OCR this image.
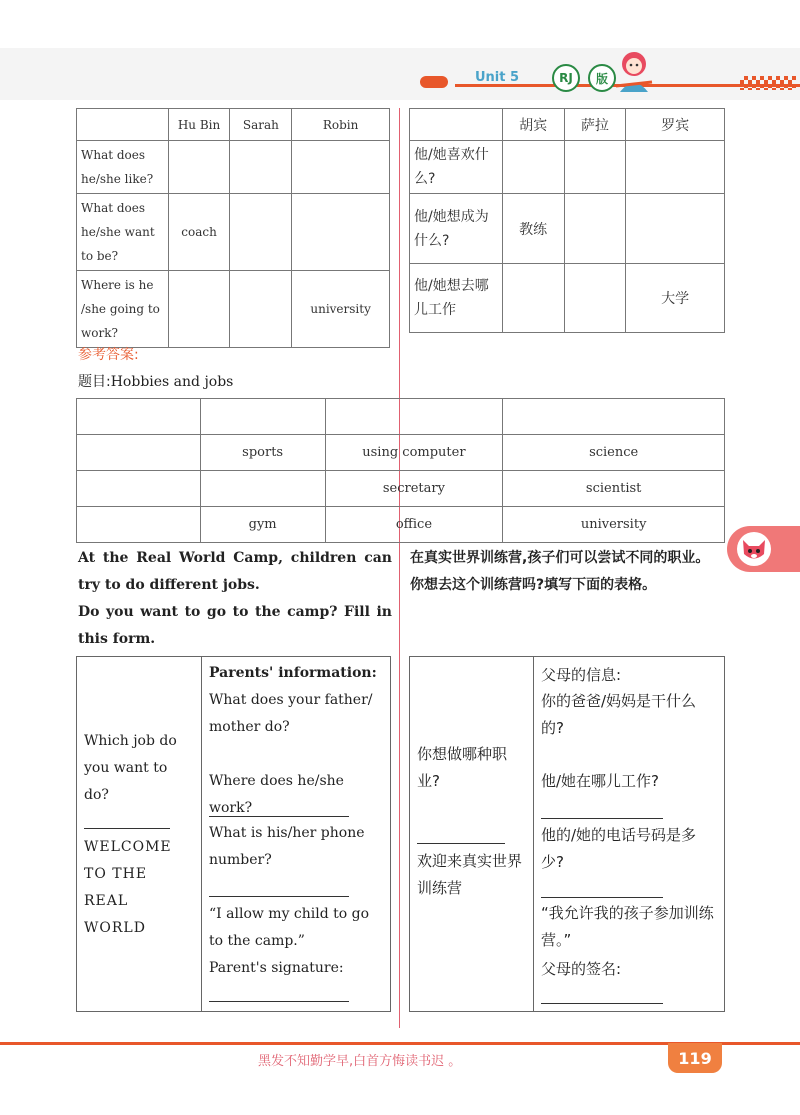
Unit 5	RJ	版
	Hu Bin	Sarah	Robin
What does he/she like?			
What does he/she want to be?	coach		
Where is he /she going to work?			university
	胡宾	萨拉	罗宾
他/她喜欢什么?			
他/她想成为什么?	教练		
他/她想去哪儿工作			大学
参考答案:
题目:Hobbies and jobs

	sports	using computer	science
		secretary	scientist
	gym	office	university
At the Real World Camp, children can try to do different jobs.
Do you want to go to the camp? Fill in this form.
在真实世界训练营,孩子们可以尝试不同的职业。
你想去这个训练营吗?填写下面的表格。
Which job do you want to do?
WELCOME TO THE REAL WORLD
Parents' information:
What does your father/ mother do?
Where does he/she work?
What is his/her phone number?
“I allow my child to go to the camp.”
Parent's signature:
你想做哪种职业?
欢迎来真实世界训练营
父母的信息:
你的爸爸/妈妈是干什么的?
他/她在哪儿工作?
他的/她的电话号码是多少?
“我允许我的孩子参加训练营。”
父母的签名:
黑发不知勤学早,白首方悔读书迟 。	119
